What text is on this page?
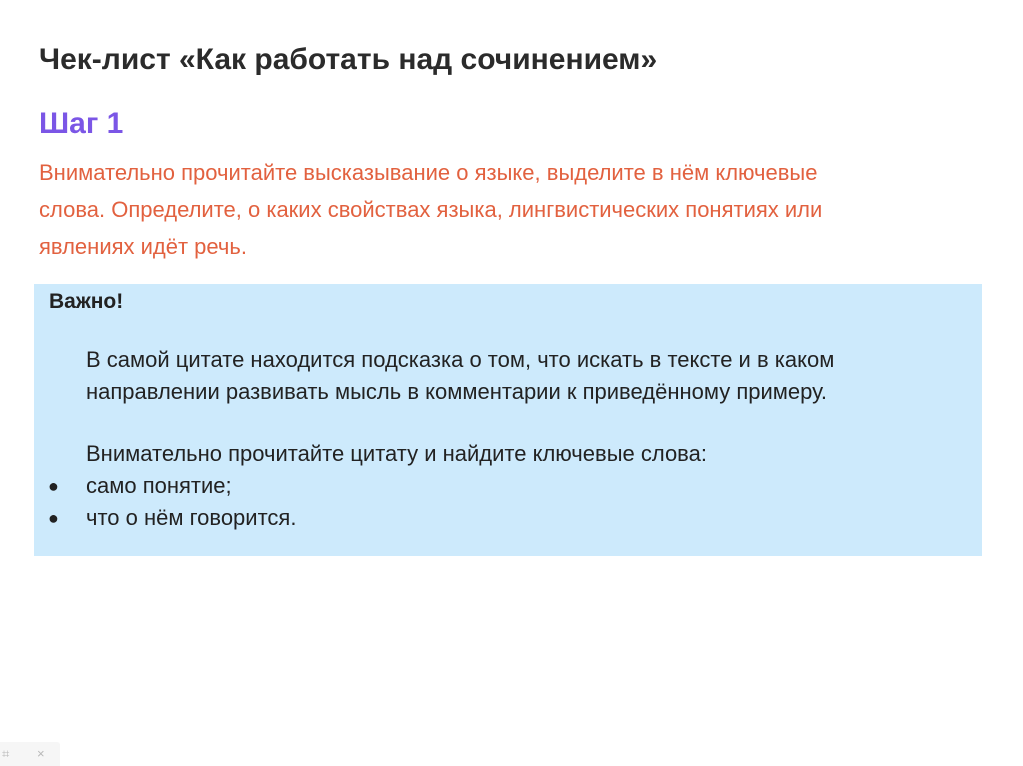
Чек-лист «Как работать над сочинением»
Шаг 1

Внимательно прочитайте высказывание о языке, выделите в нём ключевые
слова. Определите, о каких свойствах языка, лингвистических понятиях или
явлениях идёт речь.

Важно!
В самой цитате находится подсказка о том, что искать в тексте и в каком
направлении развивать мысль в комментарии к приведённому примеру.
Внимательно прочитайте цитату и найдите ключевые слова:
● само понятие;
● что о нём говорится.
⌗ ×
